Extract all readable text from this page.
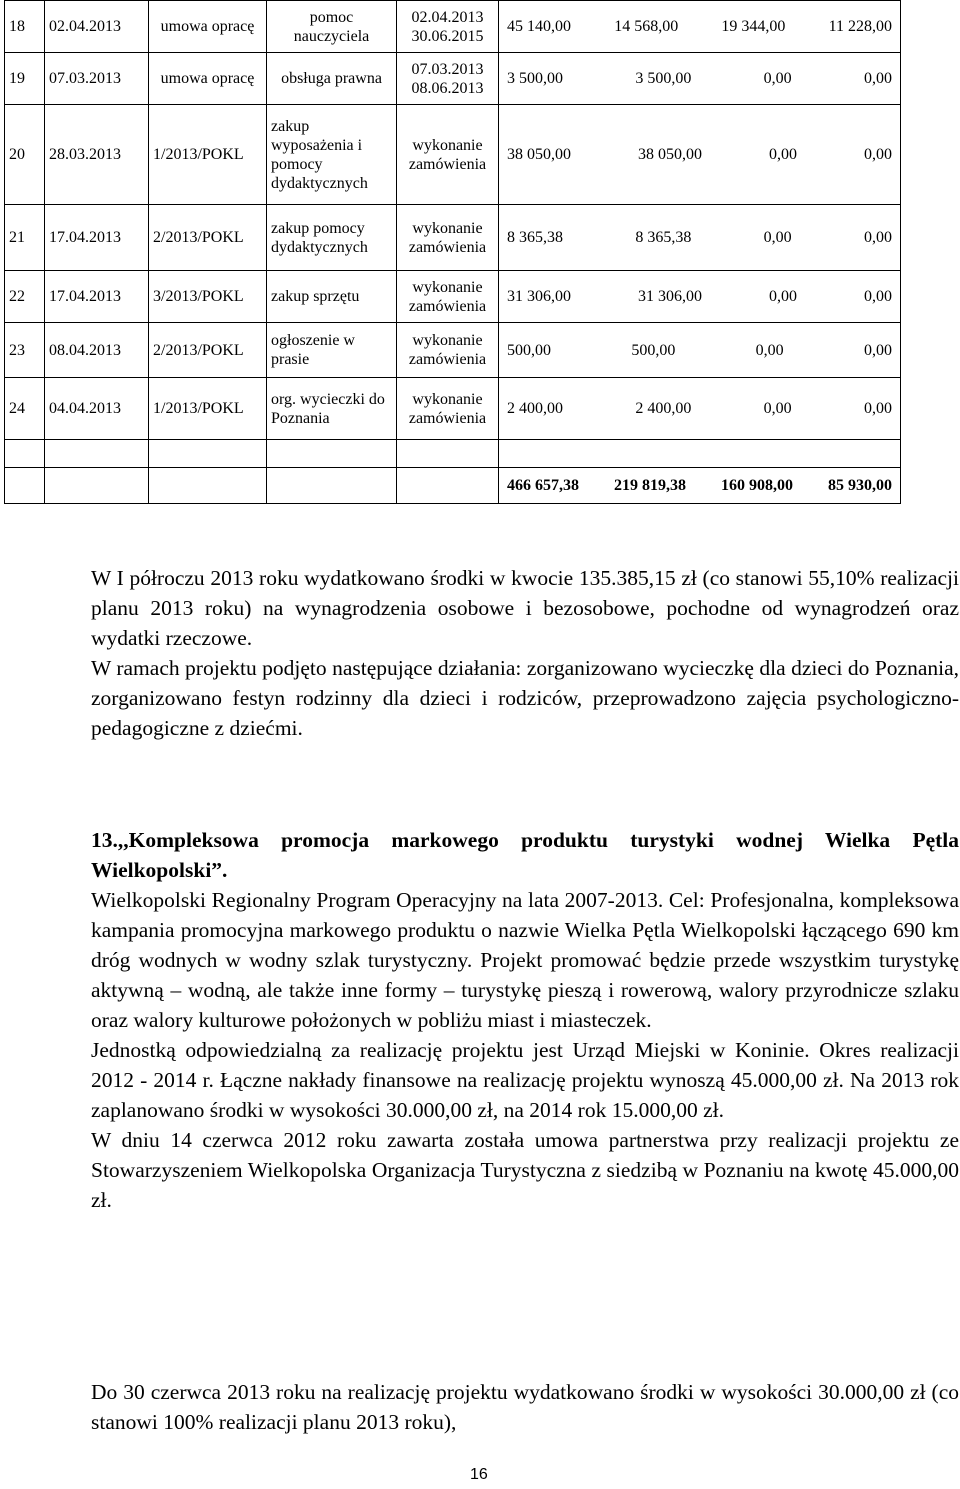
18	02.04.2013	umowa opracę	pomoc nauczyciela	02.04.2013 30.06.2015	45 140,00 14 568,00 19 344,00 11 228,00

19	07.03.2013	umowa opracę	obsługa prawna	07.03.2013 08.06.2013	3 500,00 3 500,00 0,00 0,00

20	28.03.2013	1/2013/POKL	zakup wyposażenia i pomocy dydaktycznych	wykonanie zamówienia	38 050,00 38 050,00 0,00 0,00

21	17.04.2013	2/2013/POKL	zakup pomocy dydaktycznych	wykonanie zamówienia	8 365,38 8 365,38 0,00 0,00

22	17.04.2013	3/2013/POKL	zakup sprzętu	wykonanie zamówienia	31 306,00 31 306,00 0,00 0,00

23	08.04.2013	2/2013/POKL	ogłoszenie w prasie	wykonanie zamówienia	500,00 500,00 0,00 0,00

24	04.04.2013	1/2013/POKL	org. wycieczki do Poznania	wykonanie zamówienia	2 400,00 2 400,00 0,00 0,00

					466 657,38 219 819,38 160 908,00 85 930,00

W I półroczu 2013 roku wydatkowano środki w kwocie 135.385,15 zł (co stanowi 55,10% realizacji planu 2013 roku) na wynagrodzenia osobowe i bezosobowe, pochodne od wynagrodzeń oraz wydatki rzeczowe.

W ramach projektu podjęto następujące działania: zorganizowano wycieczkę dla dzieci do Poznania, zorganizowano festyn rodzinny dla dzieci i rodziców, przeprowadzono zajęcia psychologiczno-pedagogiczne z dziećmi.

13.,,Kompleksowa promocja markowego produktu turystyki wodnej Wielka Pętla Wielkopolski”.

Wielkopolski Regionalny Program Operacyjny na lata 2007-2013. Cel: Profesjonalna, kompleksowa kampania promocyjna markowego produktu o nazwie Wielka Pętla Wielkopolski łączącego 690 km dróg wodnych w wodny szlak turystyczny. Projekt promować będzie przede wszystkim turystykę aktywną – wodną, ale także inne formy – turystykę pieszą i rowerową, walory przyrodnicze szlaku oraz walory kulturowe położonych w pobliżu miast i miasteczek.

Jednostką odpowiedzialną za realizację projektu jest Urząd Miejski w Koninie. Okres realizacji 2012 - 2014 r. Łączne nakłady finansowe na realizację projektu wynoszą 45.000,00 zł. Na 2013 rok zaplanowano środki w wysokości 30.000,00 zł, na 2014 rok 15.000,00 zł.

W dniu 14 czerwca 2012 roku zawarta została umowa partnerstwa przy realizacji projektu ze Stowarzyszeniem Wielkopolska Organizacja Turystyczna z siedzibą w Poznaniu na kwotę 45.000,00 zł.

Do 30 czerwca 2013 roku na realizację projektu wydatkowano środki w wysokości 30.000,00 zł (co stanowi 100% realizacji planu 2013 roku),

16
